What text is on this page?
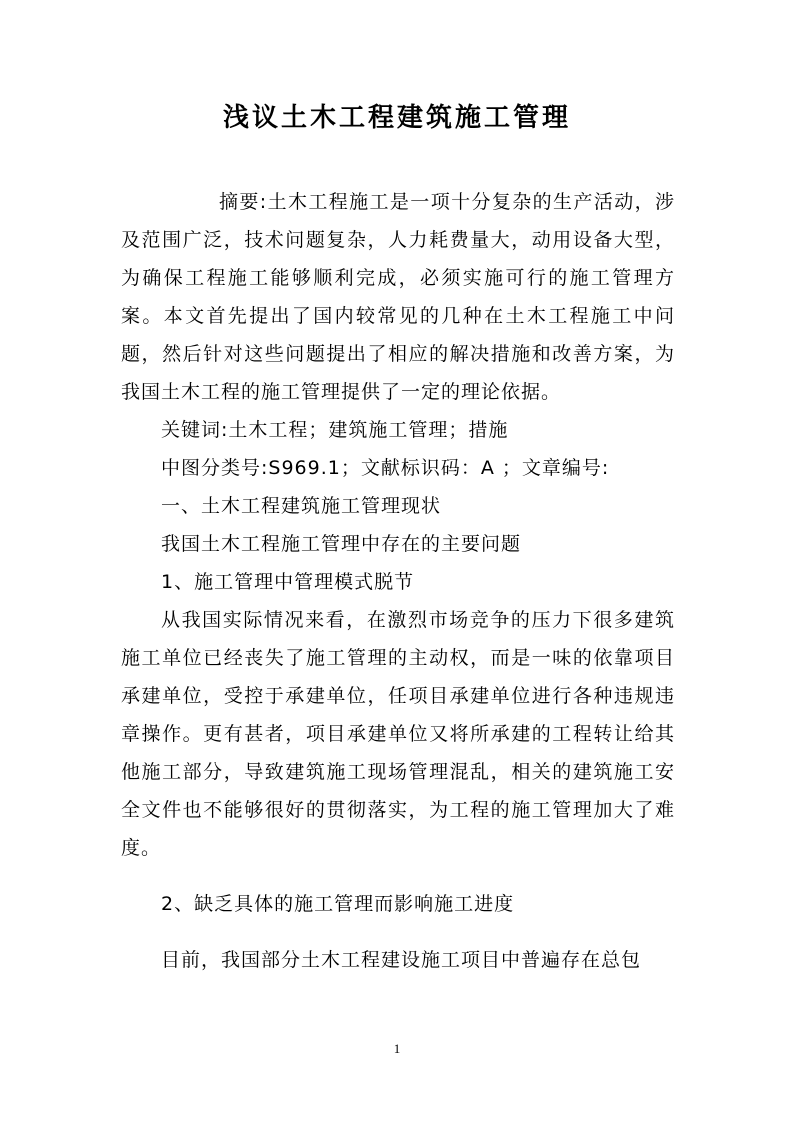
浅议土木工程建筑施工管理

摘要:土木工程施工是一项十分复杂的生产活动，涉及范围广泛，技术问题复杂，人力耗费量大，动用设备大型，为确保工程施工能够顺利完成，必须实施可行的施工管理方案。本文首先提出了国内较常见的几种在土木工程施工中问题，然后针对这些问题提出了相应的解决措施和改善方案，为我国土木工程的施工管理提供了一定的理论依据。

关键词:土木工程；建筑施工管理；措施

中图分类号:S969.1；文献标识码：A ；文章编号:

一、土木工程建筑施工管理现状

我国土木工程施工管理中存在的主要问题

1、施工管理中管理模式脱节

从我国实际情况来看，在激烈市场竞争的压力下很多建筑施工单位已经丧失了施工管理的主动权，而是一味的依靠项目承建单位，受控于承建单位，任项目承建单位进行各种违规违章操作。更有甚者，项目承建单位又将所承建的工程转让给其他施工部分，导致建筑施工现场管理混乱，相关的建筑施工安全文件也不能够很好的贯彻落实，为工程的施工管理加大了难度。

2、缺乏具体的施工管理而影响施工进度

目前，我国部分土木工程建设施工项目中普遍存在总包

1
